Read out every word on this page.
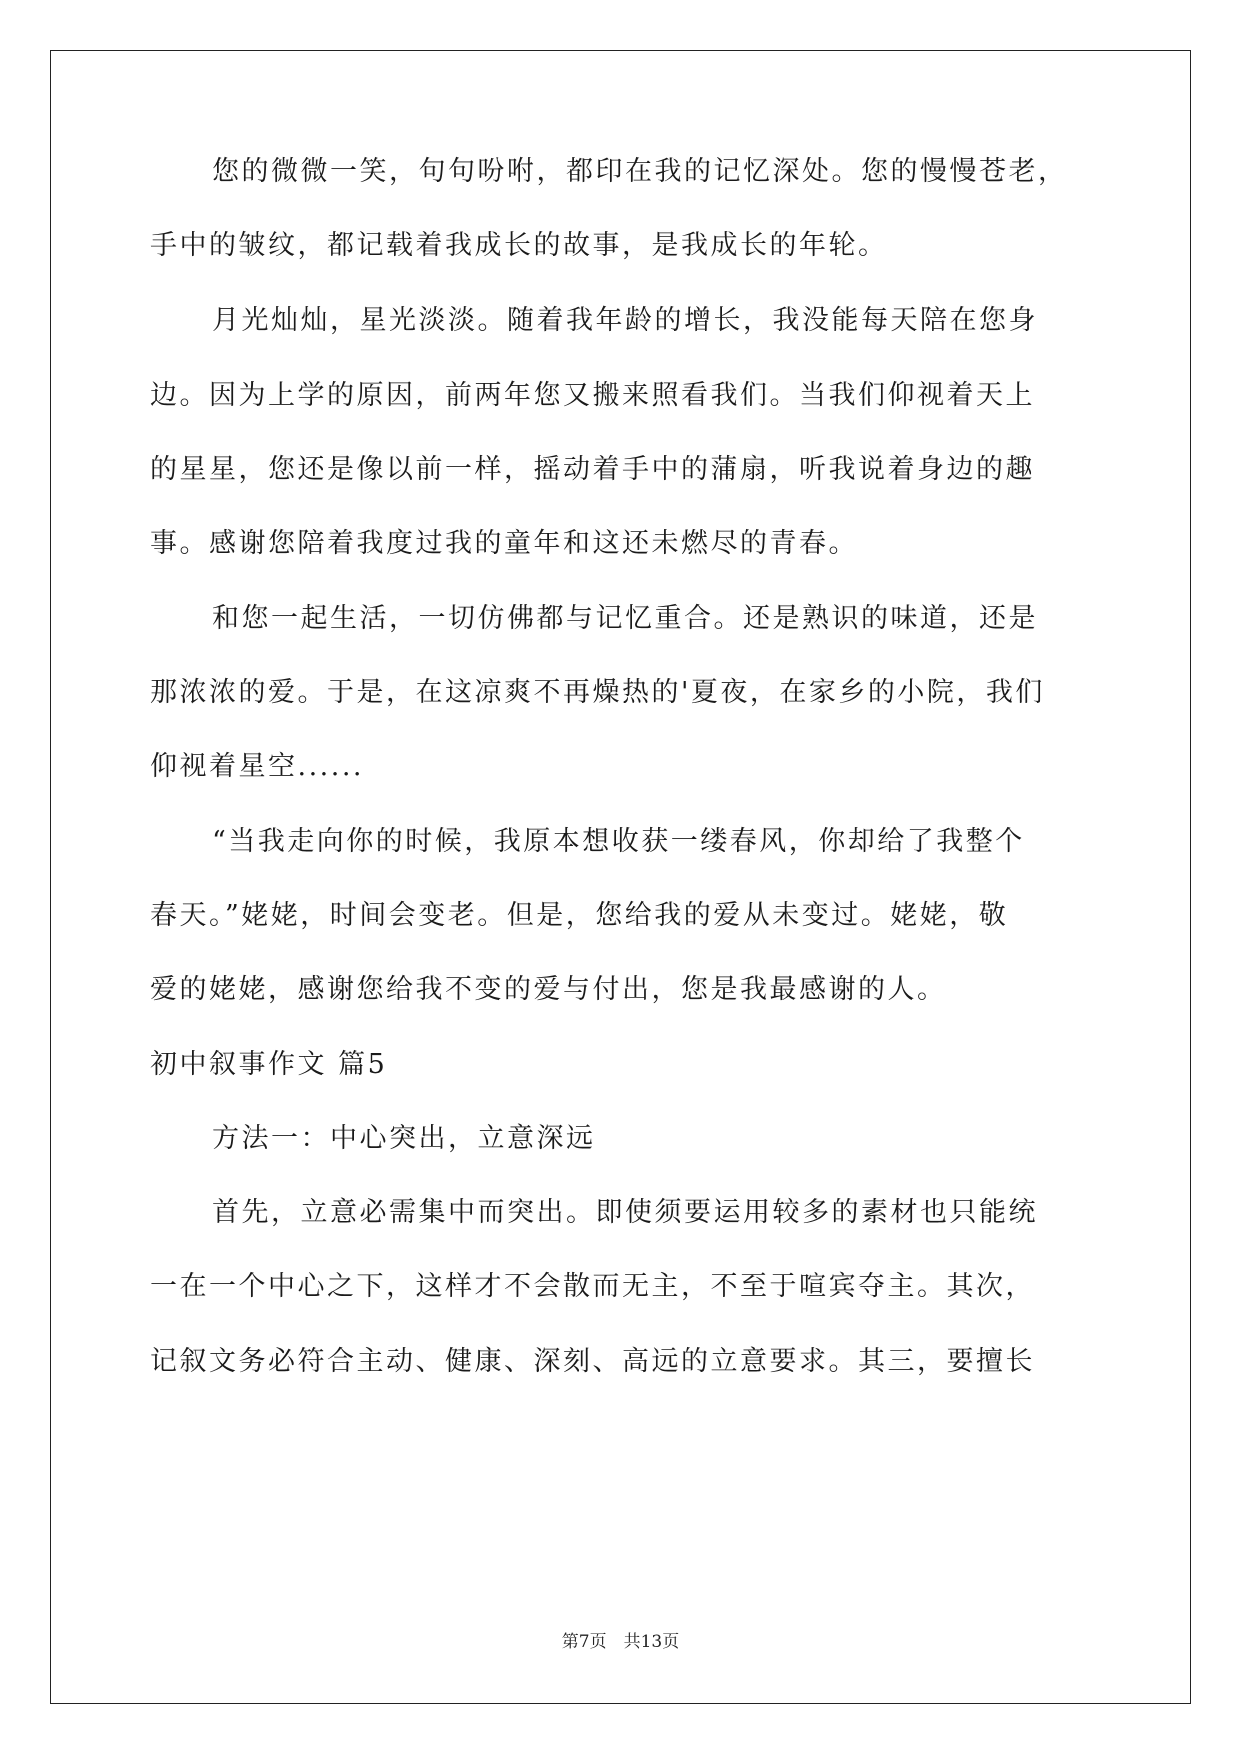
您的微微一笑，句句吩咐，都印在我的记忆深处。您的慢慢苍老，
手中的皱纹，都记载着我成长的故事，是我成长的年轮。
月光灿灿，星光淡淡。随着我年龄的增长，我没能每天陪在您身
边。因为上学的原因，前两年您又搬来照看我们。当我们仰视着天上
的星星，您还是像以前一样，摇动着手中的蒲扇，听我说着身边的趣
事。感谢您陪着我度过我的童年和这还未燃尽的青春。
和您一起生活，一切仿佛都与记忆重合。还是熟识的味道，还是
那浓浓的爱。于是，在这凉爽不再燥热的'夏夜，在家乡的小院，我们
仰视着星空......
“当我走向你的时候，我原本想收获一缕春风，你却给了我整个
春天。”姥姥，时间会变老。但是，您给我的爱从未变过。姥姥，敬
爱的姥姥，感谢您给我不变的爱与付出，您是我最感谢的人。
初中叙事作文 篇5
方法一：中心突出，立意深远
首先，立意必需集中而突出。即使须要运用较多的素材也只能统
一在一个中心之下，这样才不会散而无主，不至于喧宾夺主。其次，
记叙文务必符合主动、健康、深刻、高远的立意要求。其三，要擅长
第7页　共13页
